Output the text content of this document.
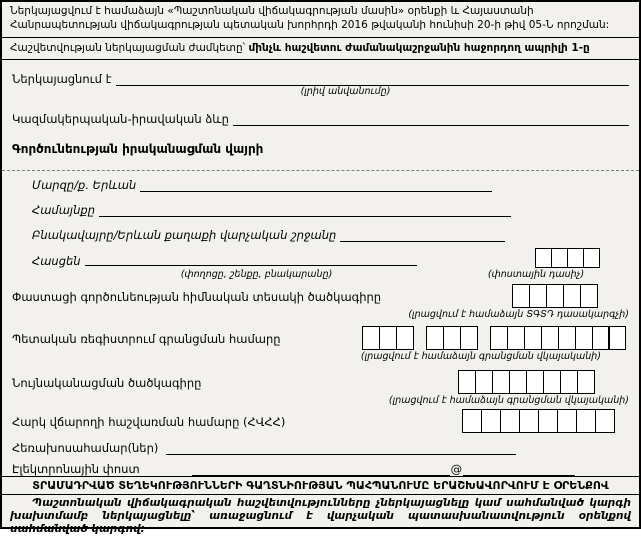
Ներկայացվում է համաձայն «Պաշտոնական վիճակագրության մասին» օրենքի և Հայաստանի Հանրապետության վիճակագրության պետական խորհրդի 2016 թվականի հունիսի 20-ի թիվ 05-Ն որոշման:
Հաշվետվության ներկայացման ժամկետը՝ մինչև հաշվետու ժամանակաշրջանին հաջորդող ապրիլի 1-ը
Ներկայացնում է
(լրիվ անվանումը)
Կազմակերպական-իրավական ձևը
Գործունեության իրականացման վայրի
Մարզը/ք. Երևան
Համայնքը
Բնակավայրը/Երևան քաղաքի վարչական շրջանը
Հասցեն
(փողոցը, շենքը, բնակարանը)	(փոստային դասիչ)
Փաստացի գործունեության հիմնական տեսակի ծածկագիրը
(լրացվում է համաձայն ՏԳՏԴ դասակարգչի)
Պետական ռեգիստրում գրանցման համարը
(լրացվում է համաձայն գրանցման վկայականի)
Նույնականացման ծածկագիրը
(լրացվում է համաձայն գրանցման վկայականի)
Հարկ վճարողի հաշվառման համարը (ՀՎՀՀ)
Հեռախոսահամար(ներ)
Էլեկտրոնային փոստ	@
ՏՐԱՄԱԴՐՎԱԾ ՏԵՂԵԿՈՒԹՅՈՒՆՆԵՐԻ ԳԱՂՏՆԻՈՒԹՅԱՆ ՊԱՀՊԱՆՈՒՄԸ ԵՐԱՇԽԱՎՈՐՎՈՒՄ Է ՕՐԵՆՔՈՎ
Պաշտոնական վիճակագրական հաշվետվությունները չներկայացնելը կամ սահմանված կարգի խախտմամբ ներկայացնելը՝ առաջացնում է վարչական պատասխանատվություն օրենքով սահմանված կարգով:
